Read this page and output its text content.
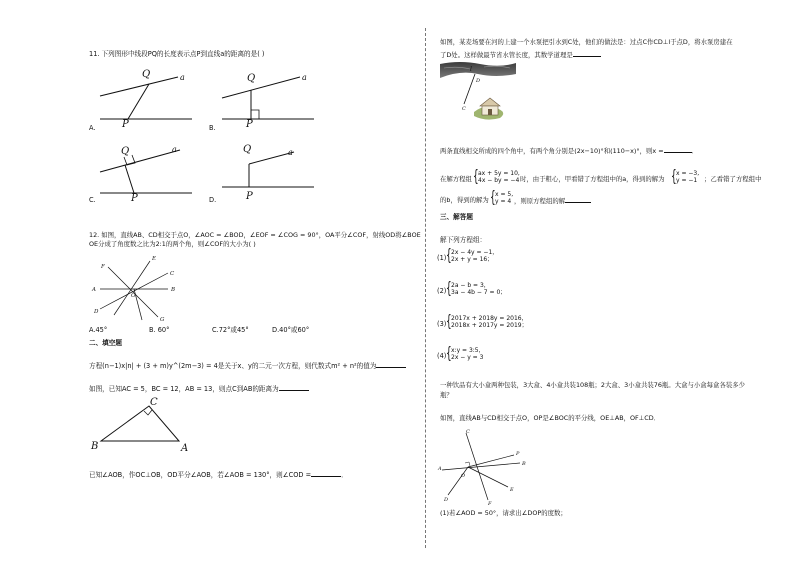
11. 下列图形中线段PQ的长度表示点P到直线a的距离的是( )
Q
P
a
A.
Q
P
a
B.
Q
P
a
C.
Q
P
a
D.
12. 如图，直线AB、CD相交于点O，∠AOC = ∠BOD，∠EOF = ∠COG = 90°，OA平分∠COF，射线OD将∠BOE
OE分成了角度数之比为2:1的两个角，则∠COF的大小为( )
E
F
A	B
C
D
G
O
A.45°	B. 60°	C.72°或45°	D.40°或60°
二、填空题
方程(n−1)x|n| + (3 + m)y^(2m−3) = 4是关于x、y的二元一次方程，则代数式m² + n²的值为
如图，已知AC = 5，BC = 12，AB = 13，则点C到AB的距离为
C
B	A
已知∠AOB，作OC⊥OB，OD平分∠AOB，若∠AOB = 130°，则∠COD =	．
如图，某麦场要在河的上建一个水泵把引水到C处，他们的做法是：过点C作CD⊥l于点D，将水泵房建在
了D处。这样做最节省水管长度，其数学道理是
l
D
C
两条直线相交所成的四个角中，有两个角分别是(2x−10)°和(110−x)°，则x =	．
在解方程组 { ax + 5y = 10,
4x − by = −4 时，由于粗心，甲看错了方程组中的a，得到的解为 { x = −3,
y = −1 ；乙看错了方程组中
的b，得到的解为 { x = 5,
y = 4 ，则原方程组的解
三、解答题
解下列方程组：
(1) { 2x − 4y = −1，
2x + y = 16；
(2) { 2a − b = 3，
3a − 4b − 7 = 0；
(3) { 2017x + 2018y = 2016，
2018x + 2017y = 2019；
(4) { x:y = 3:5，
2x − y = 3
一种饮品有大小盒两种包装，3大盒、4小盒共装108瓶；2大盒、3小盒共装76瓶。大盒与小盒每盒各装多少
瓶？
如图，直线AB与CD相交于点O，OP是∠BOC的平分线，OE⊥AB，OF⊥CD．
C
A
B
P
E
D
F
O
(1)若∠AOD = 50°，请求出∠DOP的度数；
